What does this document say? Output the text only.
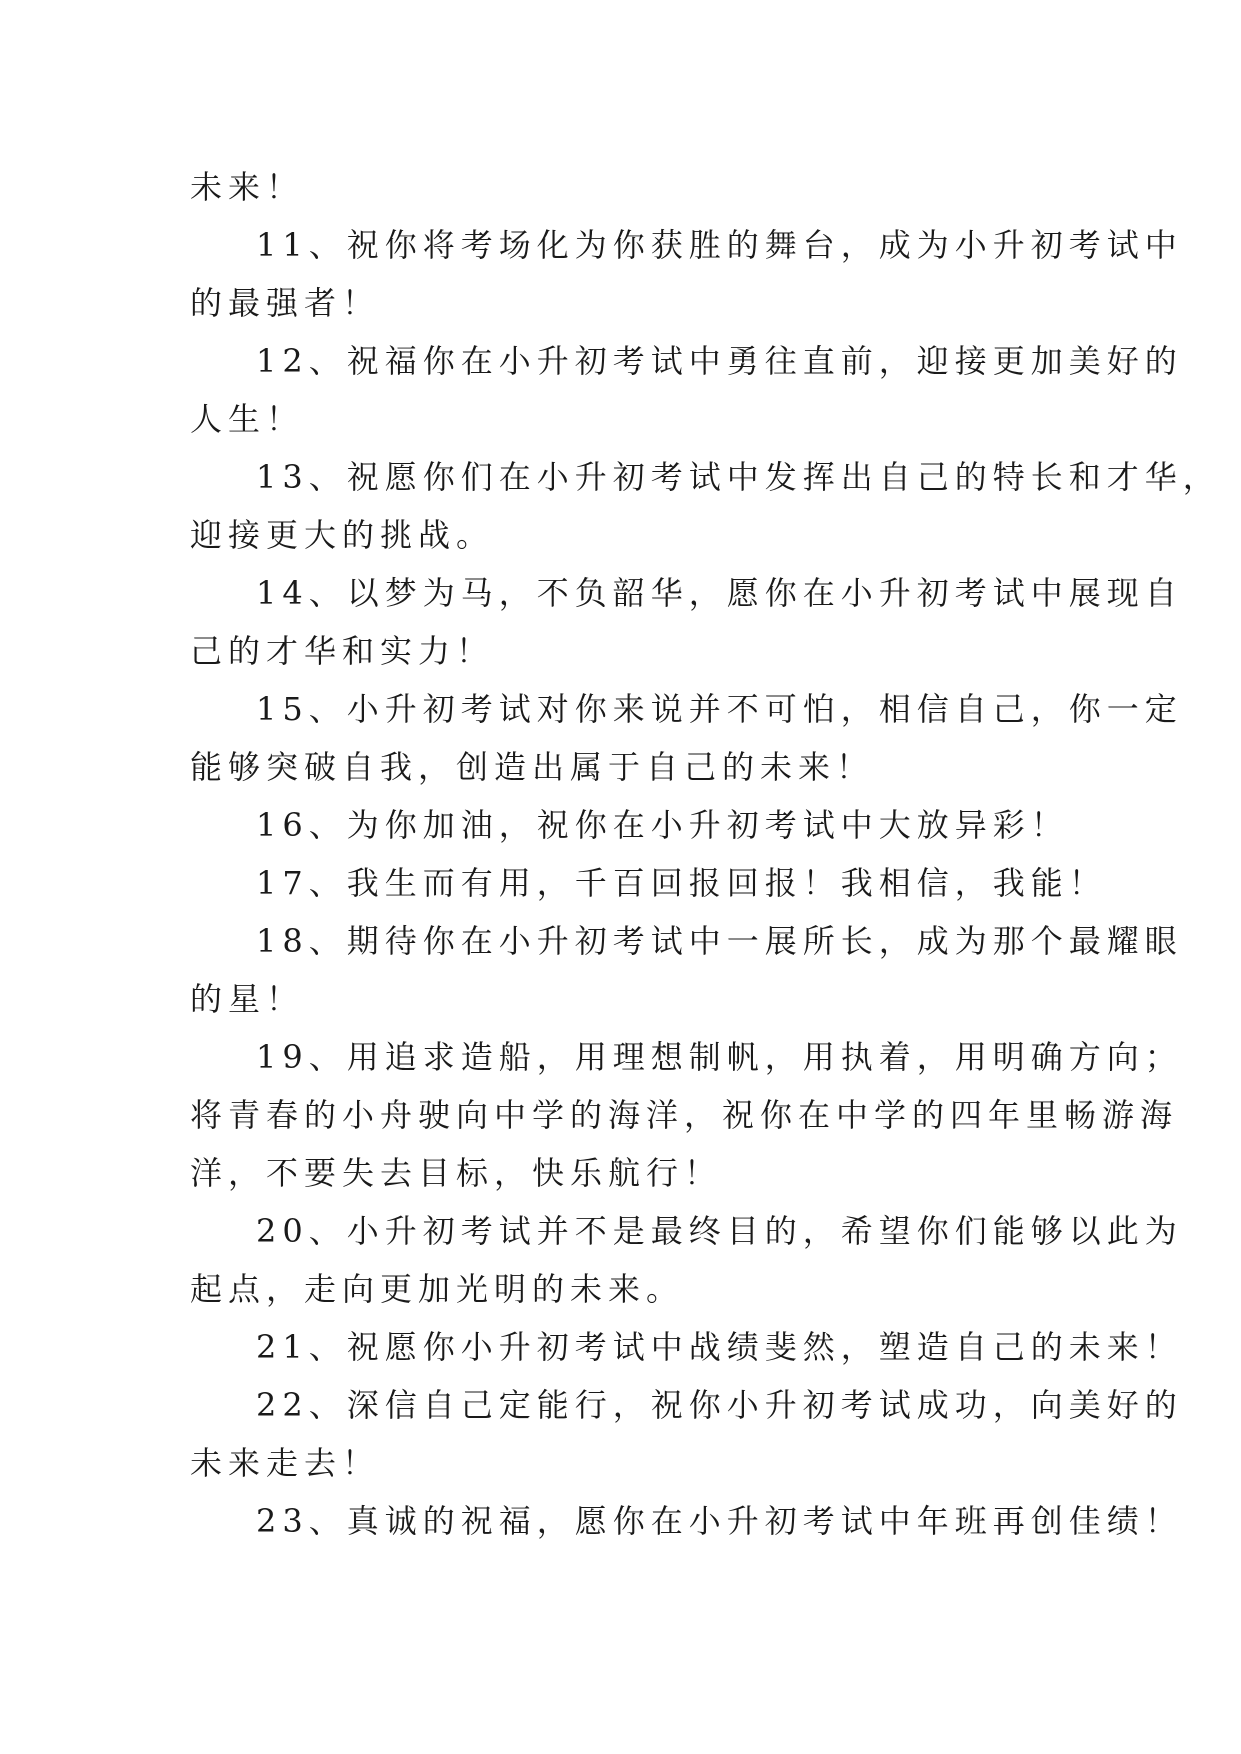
未来！
11、祝你将考场化为你获胜的舞台，成为小升初考试中
的最强者！
12、祝福你在小升初考试中勇往直前，迎接更加美好的
人生！
13、祝愿你们在小升初考试中发挥出自己的特长和才华，
迎接更大的挑战。
14、以梦为马，不负韶华，愿你在小升初考试中展现自
己的才华和实力！
15、小升初考试对你来说并不可怕，相信自己，你一定
能够突破自我，创造出属于自己的未来！
16、为你加油，祝你在小升初考试中大放异彩！
17、我生而有用，千百回报回报！我相信，我能！
18、期待你在小升初考试中一展所长，成为那个最耀眼
的星！
19、用追求造船，用理想制帆，用执着，用明确方向；
将青春的小舟驶向中学的海洋，祝你在中学的四年里畅游海
洋，不要失去目标，快乐航行！
20、小升初考试并不是最终目的，希望你们能够以此为
起点，走向更加光明的未来。
21、祝愿你小升初考试中战绩斐然，塑造自己的未来！
22、深信自己定能行，祝你小升初考试成功，向美好的
未来走去！
23、真诚的祝福，愿你在小升初考试中年班再创佳绩！
